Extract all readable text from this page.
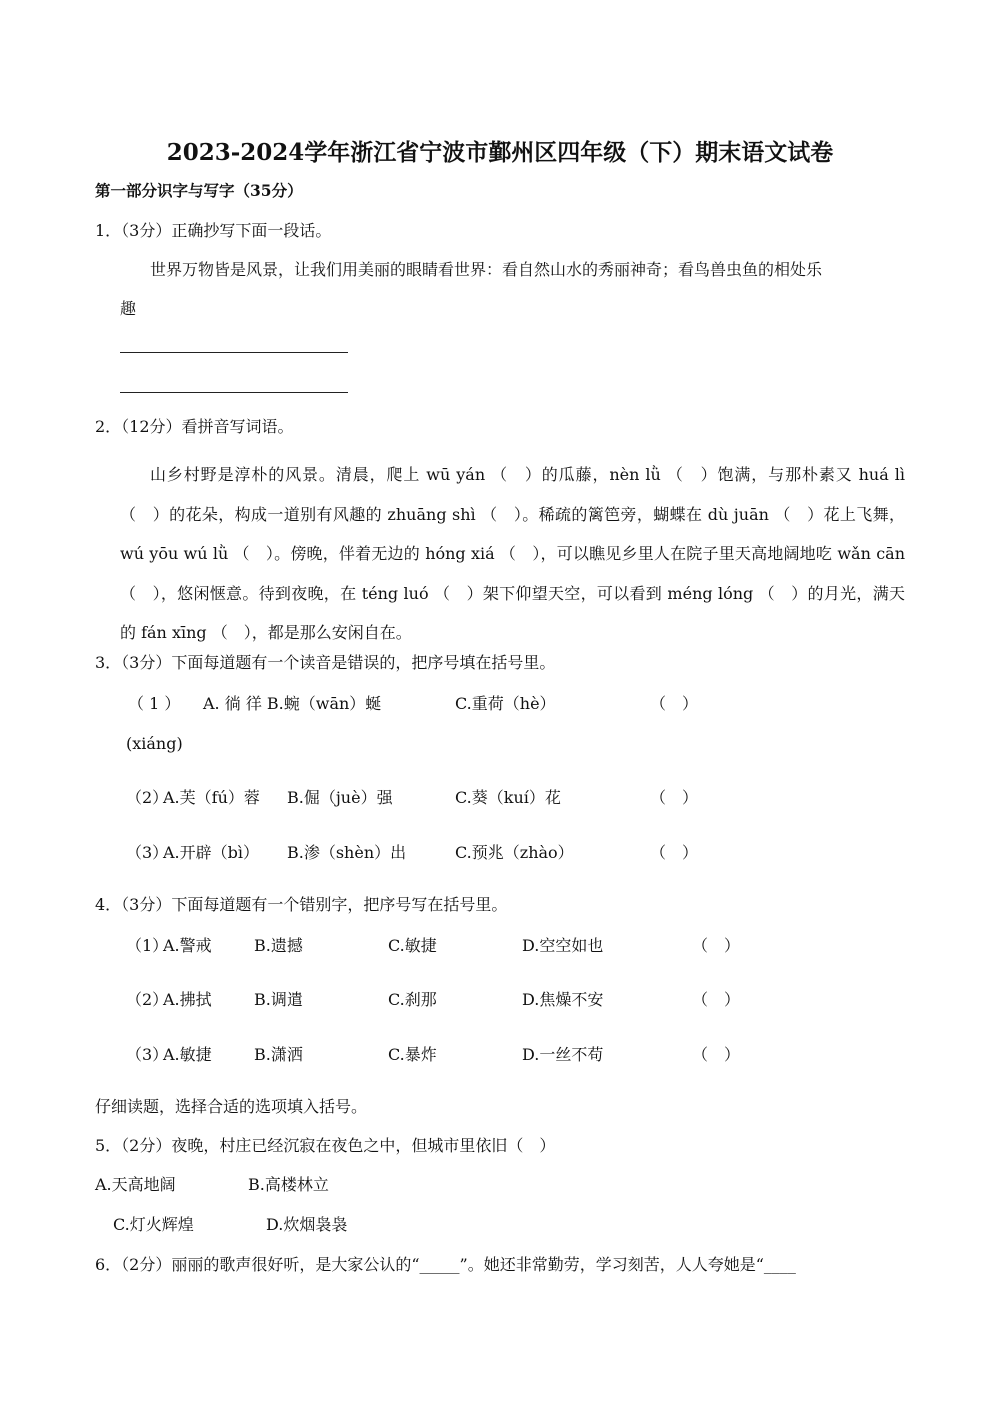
2023-2024学年浙江省宁波市鄞州区四年级（下）期末语文试卷
第一部分识字与写字（35分）
1．（3分）正确抄写下面一段话。
世界万物皆是风景，让我们用美丽的眼睛看世界：看自然山水的秀丽神奇；看鸟兽虫鱼的相处乐
趣
2．（12分）看拼音写词语。

山乡村野是淳朴的风景。清晨，爬上 wū yán （　）的瓜藤，nèn lǜ （　）饱满，与那朴素又 huá lì （　）的花朵，构成一道别有风趣的 zhuāng shì （　）。稀疏的篱笆旁，蝴蝶在 dù juān （　）花上飞舞，wú yōu wú lǜ （　）。傍晚，伴着无边的 hóng xiá （　），可以瞧见乡里人在院子里天高地阔地吃 wǎn cān （　），悠闲惬意。待到夜晚，在 téng luó （　）架下仰望天空，可以看到 méng lóng （　）的月光，满天的 fán xīng （　），都是那么安闲自在。

3．（3分）下面每道题有一个读音是错误的，把序号填在括号里。
（ 1 ） A. 徜 徉 B.蜿（wān）蜒	C.重荷（hè）	（　）
(xiáng)
（2）
A.芙（fú）蓉 B.倔（juè）强	C.葵（kuí）花	（　）
（3）
A.开辟（bì） B.渗（shèn）出	C.预兆（zhào）	（　）
4．（3分）下面每道题有一个错别字，把序号写在括号里。
（1）
A.警戒	B.遗撼	C.敏捷	D.空空如也	（　）
（2）
A.拂拭	B.调遣	C.刹那	D.焦燥不安	（　）
（3）
A.敏捷	B.潇洒	C.暴炸	D.一丝不苟	（　）
仔细读题，选择合适的选项填入括号。
5．（2分）夜晚，村庄已经沉寂在夜色之中，但城市里依旧（　）
A.天高地阔	B.高楼林立
C.灯火辉煌	D.炊烟袅袅
6．（2分）丽丽的歌声很好听，是大家公认的“_____”。她还非常勤劳，学习刻苦，人人夸她是“____
